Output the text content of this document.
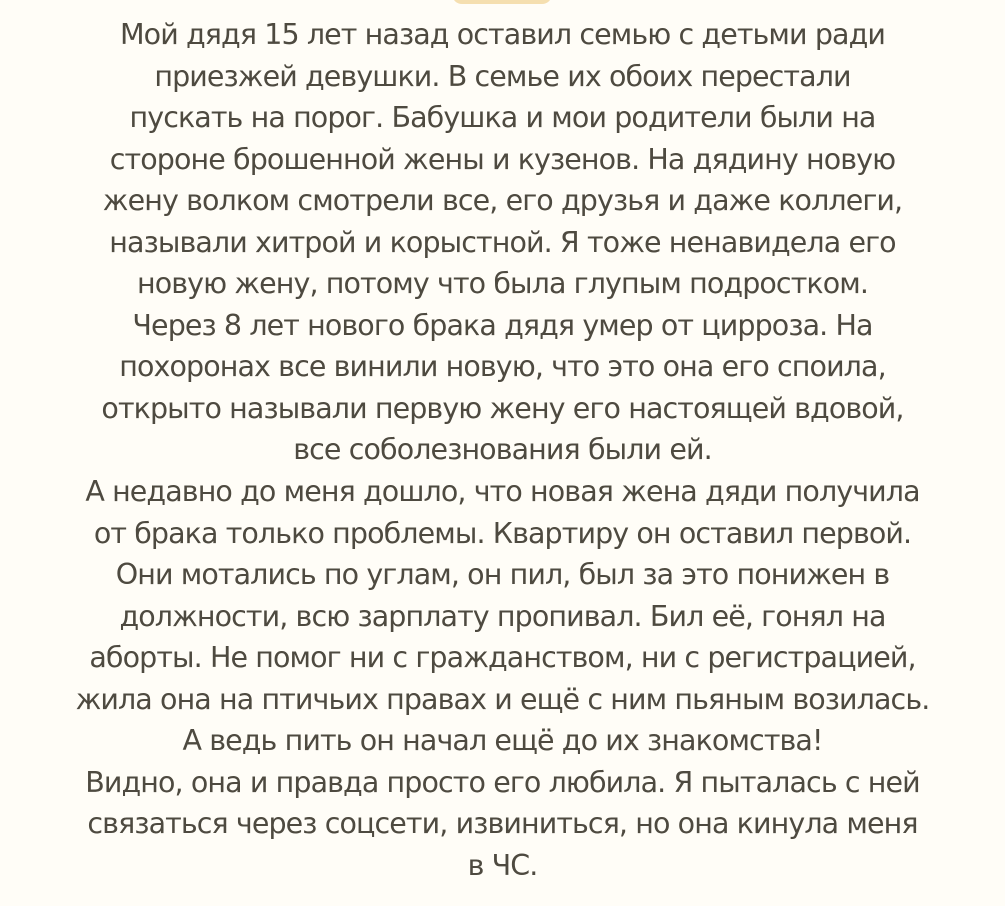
Мой дядя 15 лет назад оставил семью с детьми ради
приезжей девушки. В семье их обоих перестали
пускать на порог. Бабушка и мои родители были на
стороне брошенной жены и кузенов. На дядину новую
жену волком смотрели все, его друзья и даже коллеги,
называли хитрой и корыстной. Я тоже ненавидела его
новую жену, потому что была глупым подростком.
Через 8 лет нового брака дядя умер от цирроза. На
похоронах все винили новую, что это она его споила,
открыто называли первую жену его настоящей вдовой,
все соболезнования были ей.
А недавно до меня дошло, что новая жена дяди получила
от брака только проблемы. Квартиру он оставил первой.
Они мотались по углам, он пил, был за это понижен в
должности, всю зарплату пропивал. Бил её, гонял на
аборты. Не помог ни с гражданством, ни с регистрацией,
жила она на птичьих правах и ещё с ним пьяным возилась.
А ведь пить он начал ещё до их знакомства!
Видно, она и правда просто его любила. Я пыталась с ней
связаться через соцсети, извиниться, но она кинула меня
в ЧС.
